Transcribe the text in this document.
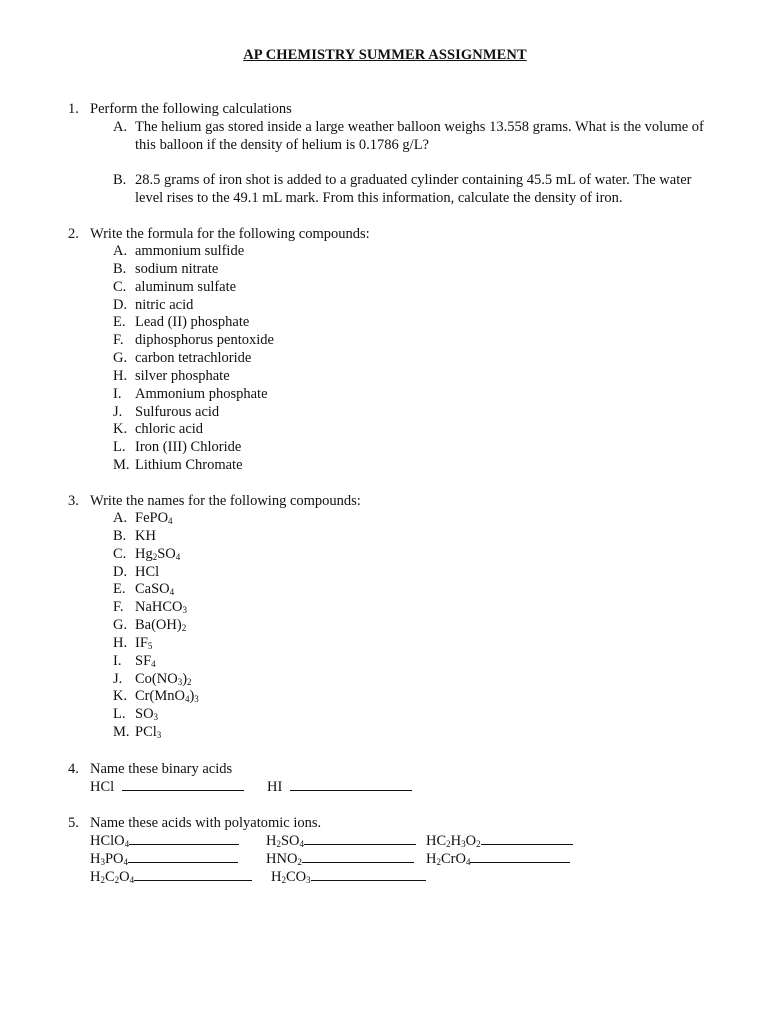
AP CHEMISTRY SUMMER ASSIGNMENT
1. Perform the following calculations
A. The helium gas stored inside a large weather balloon weighs 13.558 grams. What is the volume of this balloon if the density of helium is 0.1786 g/L?
B. 28.5 grams of iron shot is added to a graduated cylinder containing 45.5 mL of water. The water level rises to the 49.1 mL mark. From this information, calculate the density of iron.
2. Write the formula for the following compounds:
A. ammonium sulfide
B. sodium nitrate
C. aluminum sulfate
D. nitric acid
E. Lead (II) phosphate
F. diphosphorus pentoxide
G. carbon tetrachloride
H. silver phosphate
I. Ammonium phosphate
J. Sulfurous acid
K. chloric acid
L. Iron (III) Chloride
M. Lithium Chromate
3. Write the names for the following compounds:
A. FePO$_4$
B. KH
C. $Hg_2SO_4$
D. HCl
E. CaSO$_4$
F. NaHCO$_3$
G. $Ba(OH)_2$
H. $IF_5$
I. $SF_4$
J. $Co(NO_3)_2$
K. $Cr(MnO_4)_3$
L. $SO_3$
M. PCl$_3$
4. Name these binary acids
HCl	HI
5. Name these acids with polyatomic ions.
HClO$_4$	$H_2SO_4$	$HC_2H_3O_2$
$H_3PO_4$	$HNO_2$	$H_2CrO_4$
$H_2C_2O_4$	$H_2CO_3$
